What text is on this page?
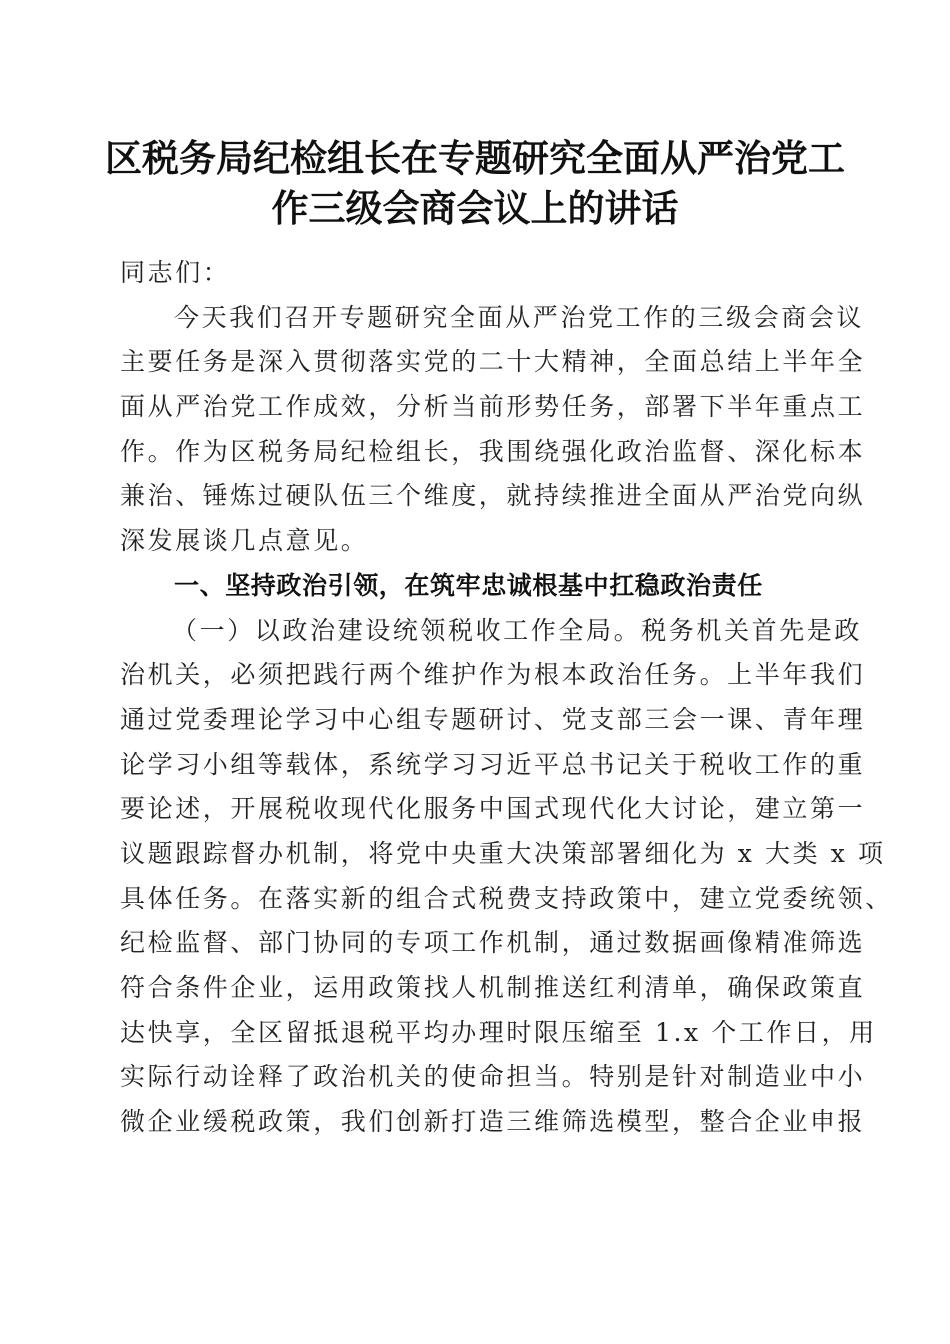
区税务局纪检组长在专题研究全面从严治党工
作三级会商会议上的讲话
同志们：
今天我们召开专题研究全面从严治党工作的三级会商会议
主要任务是深入贯彻落实党的二十大精神，全面总结上半年全
面从严治党工作成效，分析当前形势任务，部署下半年重点工
作。作为区税务局纪检组长，我围绕强化政治监督、深化标本
兼治、锤炼过硬队伍三个维度，就持续推进全面从严治党向纵
深发展谈几点意见。
一、坚持政治引领，在筑牢忠诚根基中扛稳政治责任
（一）以政治建设统领税收工作全局。税务机关首先是政
治机关，必须把践行两个维护作为根本政治任务。上半年我们
通过党委理论学习中心组专题研讨、党支部三会一课、青年理
论学习小组等载体，系统学习习近平总书记关于税收工作的重
要论述，开展税收现代化服务中国式现代化大讨论，建立第一
议题跟踪督办机制，将党中央重大决策部署细化为 x 大类 x 项
具体任务。在落实新的组合式税费支持政策中，建立党委统领、
纪检监督、部门协同的专项工作机制，通过数据画像精准筛选
符合条件企业，运用政策找人机制推送红利清单，确保政策直
达快享，全区留抵退税平均办理时限压缩至 1.x 个工作日，用
实际行动诠释了政治机关的使命担当。特别是针对制造业中小
微企业缓税政策，我们创新打造三维筛选模型，整合企业申报
